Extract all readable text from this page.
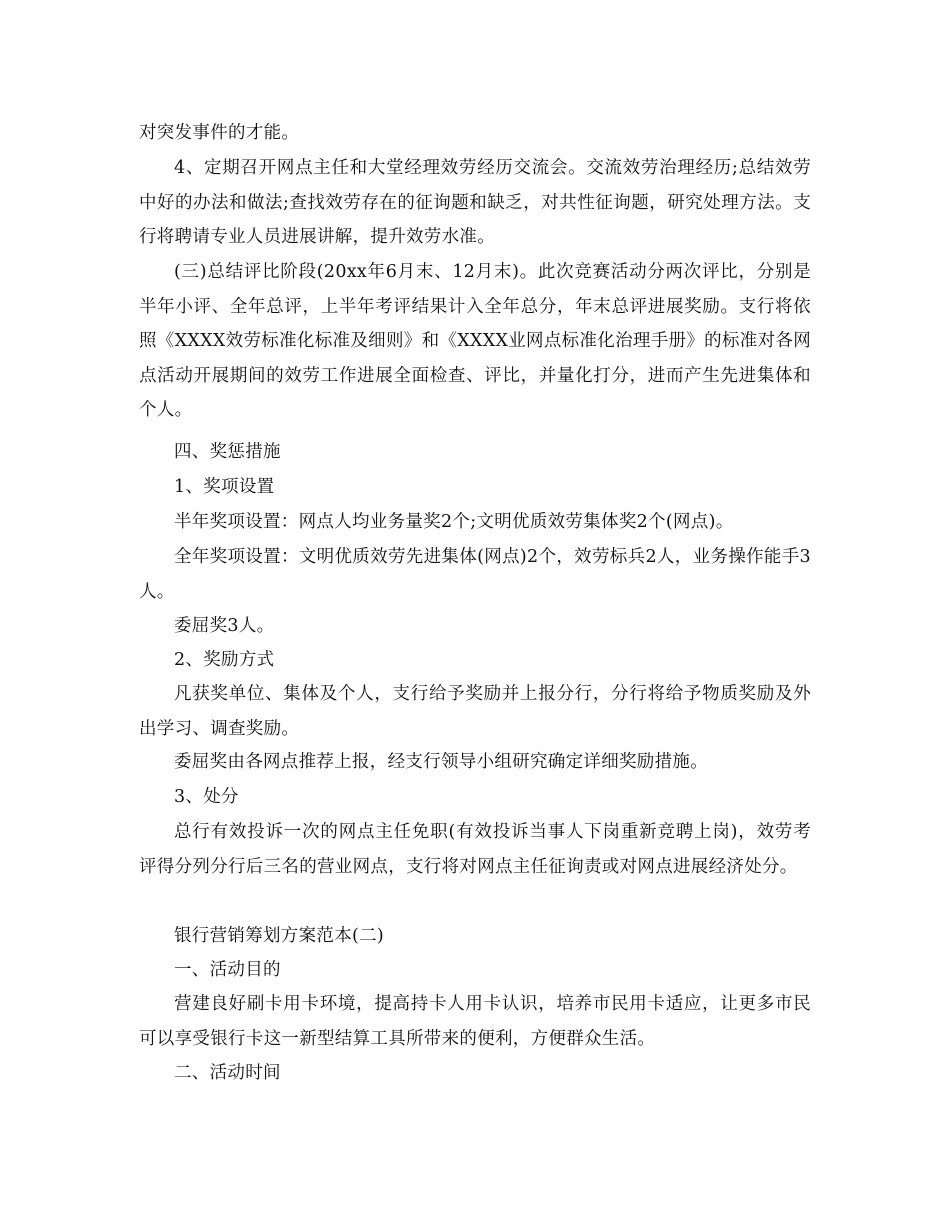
对突发事件的才能。

4、定期召开网点主任和大堂经理效劳经历交流会。交流效劳治理经历;总结效劳中好的办法和做法;查找效劳存在的征询题和缺乏，对共性征询题，研究处理方法。支行将聘请专业人员进展讲解，提升效劳水准。

(三)总结评比阶段(20xx年6月末、12月末)。此次竞赛活动分两次评比，分别是半年小评、全年总评，上半年考评结果计入全年总分，年末总评进展奖励。支行将依照《XXXX效劳标准化标准及细则》和《XXXX业网点标准化治理手册》的标准对各网点活动开展期间的效劳工作进展全面检查、评比，并量化打分，进而产生先进集体和个人。

四、奖惩措施

1、奖项设置

半年奖项设置：网点人均业务量奖2个;文明优质效劳集体奖2个(网点)。

全年奖项设置：文明优质效劳先进集体(网点)2个，效劳标兵2人，业务操作能手3人。

委屈奖3人。

2、奖励方式

凡获奖单位、集体及个人，支行给予奖励并上报分行，分行将给予物质奖励及外出学习、调查奖励。

委屈奖由各网点推荐上报，经支行领导小组研究确定详细奖励措施。

3、处分

总行有效投诉一次的网点主任免职(有效投诉当事人下岗重新竞聘上岗)，效劳考评得分列分行后三名的营业网点，支行将对网点主任征询责或对网点进展经济处分。

银行营销筹划方案范本(二)

一、活动目的

营建良好刷卡用卡环境，提高持卡人用卡认识，培养市民用卡适应，让更多市民可以享受银行卡这一新型结算工具所带来的便利，方便群众生活。

二、活动时间
